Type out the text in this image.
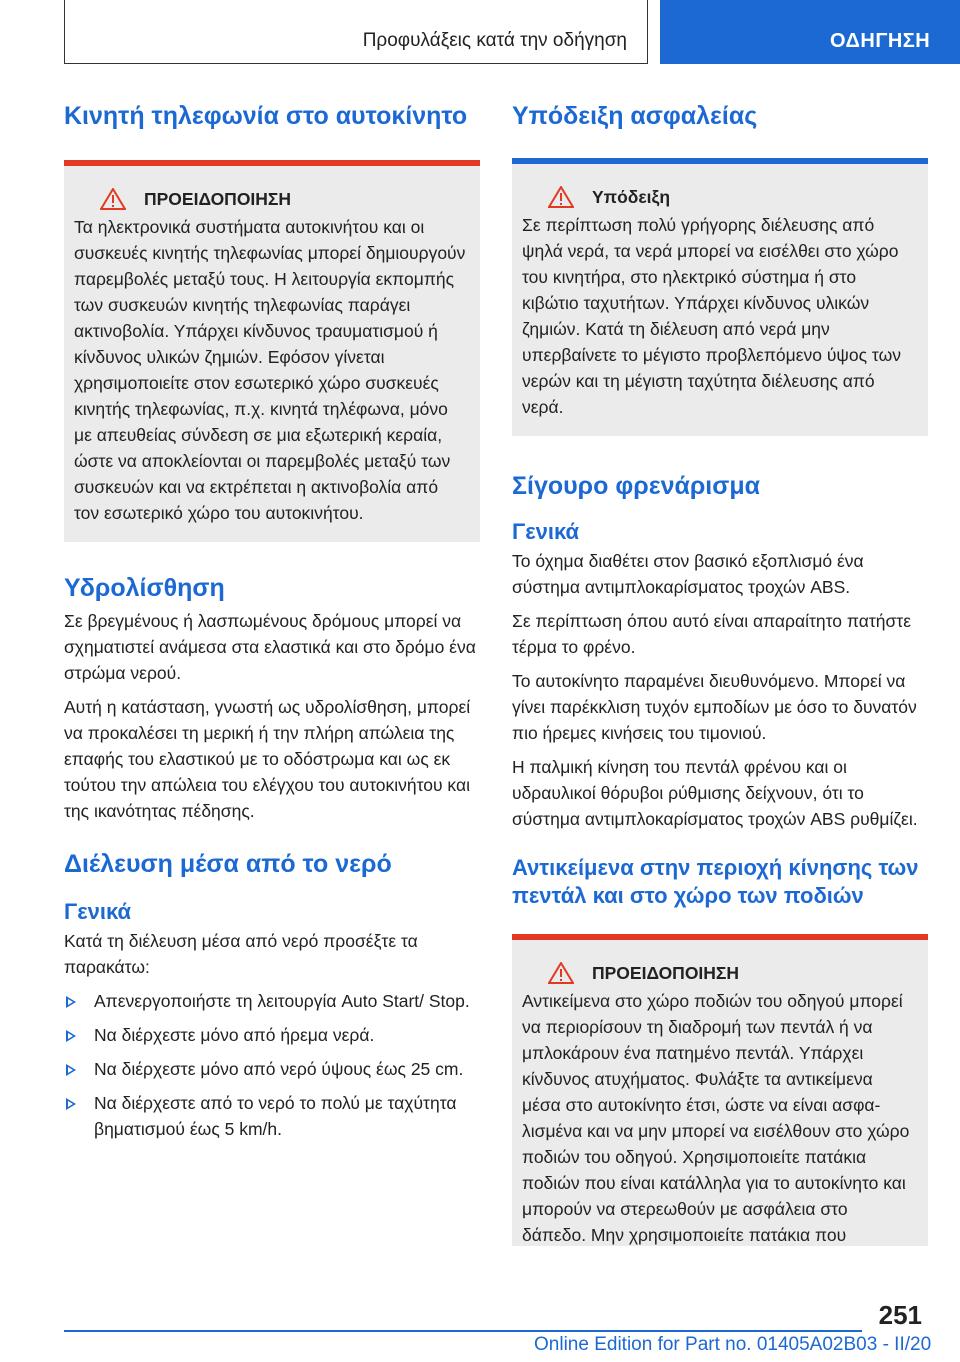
Προφυλάξεις κατά την οδήγηση	ΟΔΗΓΗΣΗ
Κινητή τηλεφωνία στο αυτοκίνητο
ΠΡΟΕΙΔΟΠΟΙΗΣΗ

Τα ηλεκτρονικά συστήματα αυτοκινήτου και οι συσκευές κινητής τηλεφωνίας μπορεί δημιουργούν παρεμβολές μεταξύ τους. Η λειτουργία εκπομπής των συσκευών κινητής τηλεφωνίας παράγει ακτινοβολία. Υπάρχει κίνδυνος τραυματισμού ή κίνδυνος υλικών ζημιών. Εφόσον γίνεται χρησιμοποιείτε στον εσωτερικό χώρο συσκευές κινητής τηλεφωνίας, π.χ. κινητά τηλέφωνα, μόνο με απευθείας σύνδεση σε μια εξωτερική κεραία, ώστε να αποκλείονται οι παρεμβολές μεταξύ των συσκευών και να εκτρέπεται η ακτινοβολία από τον εσωτερικό χώρο του αυτοκινήτου.

Υδρολίσθηση

Σε βρεγμένους ή λασπωμένους δρόμους μπορεί να σχηματιστεί ανάμεσα στα ελαστικά και στο δρόμο ένα στρώμα νερού.

Αυτή η κατάσταση, γνωστή ως υδρολίσθηση, μπορεί να προκαλέσει τη μερική ή την πλήρη απώλεια της επαφής του ελαστικού με το οδόστρωμα και ως εκ τούτου την απώλεια του ελέγχου του αυτοκινήτου και της ικανότητας πέδησης.

Διέλευση μέσα από το νερό
Γενικά

Κατά τη διέλευση μέσα από νερό προσέξτε τα παρακάτω:

Απενεργοποιήστε τη λειτουργία Auto Start/ Stop.
Να διέρχεστε μόνο από ήρεμα νερά.
Να διέρχεστε μόνο από νερό ύψους έως 25 cm.
Να διέρχεστε από το νερό το πολύ με ταχύτητα βηματισμού έως 5 km/h.
Υπόδειξη ασφαλείας
Υπόδειξη

Σε περίπτωση πολύ γρήγορης διέλευσης από ψηλά νερά, τα νερά μπορεί να εισέλθει στο χώρο του κινητήρα, στο ηλεκτρικό σύστημα ή στο κιβώτιο ταχυτήτων. Υπάρχει κίνδυνος υλικών ζημιών. Κατά τη διέλευση από νερά μην υπερβαίνετε το μέγιστο προβλεπόμενο ύψος των νερών και τη μέγιστη ταχύτητα διέλευσης από νερά.

Σίγουρο φρενάρισμα
Γενικά

Το όχημα διαθέτει στον βασικό εξοπλισμό ένα σύστημα αντιμπλοκαρίσματος τροχών ABS.

Σε περίπτωση όπου αυτό είναι απαραίτητο πατήστε τέρμα το φρένο.

Το αυτοκίνητο παραμένει διευθυνόμενο. Μπορεί να γίνει παρέκκλιση τυχόν εμποδίων με όσο το δυνατόν πιο ήρεμες κινήσεις του τιμονιού.

Η παλμική κίνηση του πεντάλ φρένου και οι υδραυλικοί θόρυβοι ρύθμισης δείχνουν, ότι το σύστημα αντιμπλοκαρίσματος τροχών ABS ρυθμίζει.

Αντικείμενα στην περιοχή κίνησης των πεντάλ και στο χώρο των ποδιών
ΠΡΟΕΙΔΟΠΟΙΗΣΗ

Αντικείμενα στο χώρο ποδιών του οδηγού μπορεί να περιορίσουν τη διαδρομή των πεντάλ ή να μπλοκάρουν ένα πατημένο πεντάλ. Υπάρχει κίνδυνος ατυχήματος. Φυλάξτε τα αντικείμενα μέσα στο αυτοκίνητο έτσι, ώστε να είναι ασφαλισμένα και να μην μπορεί να εισέλθουν στο χώρο ποδιών του οδηγού. Χρησιμοποιείτε πατάκια ποδιών που είναι κατάλληλα για το αυτοκίνητο και μπορούν να στερεωθούν με ασφάλεια στο δάπεδο. Μην χρησιμοποιείτε πατάκια που

251
Online Edition for Part no. 01405A02B03 - II/20
